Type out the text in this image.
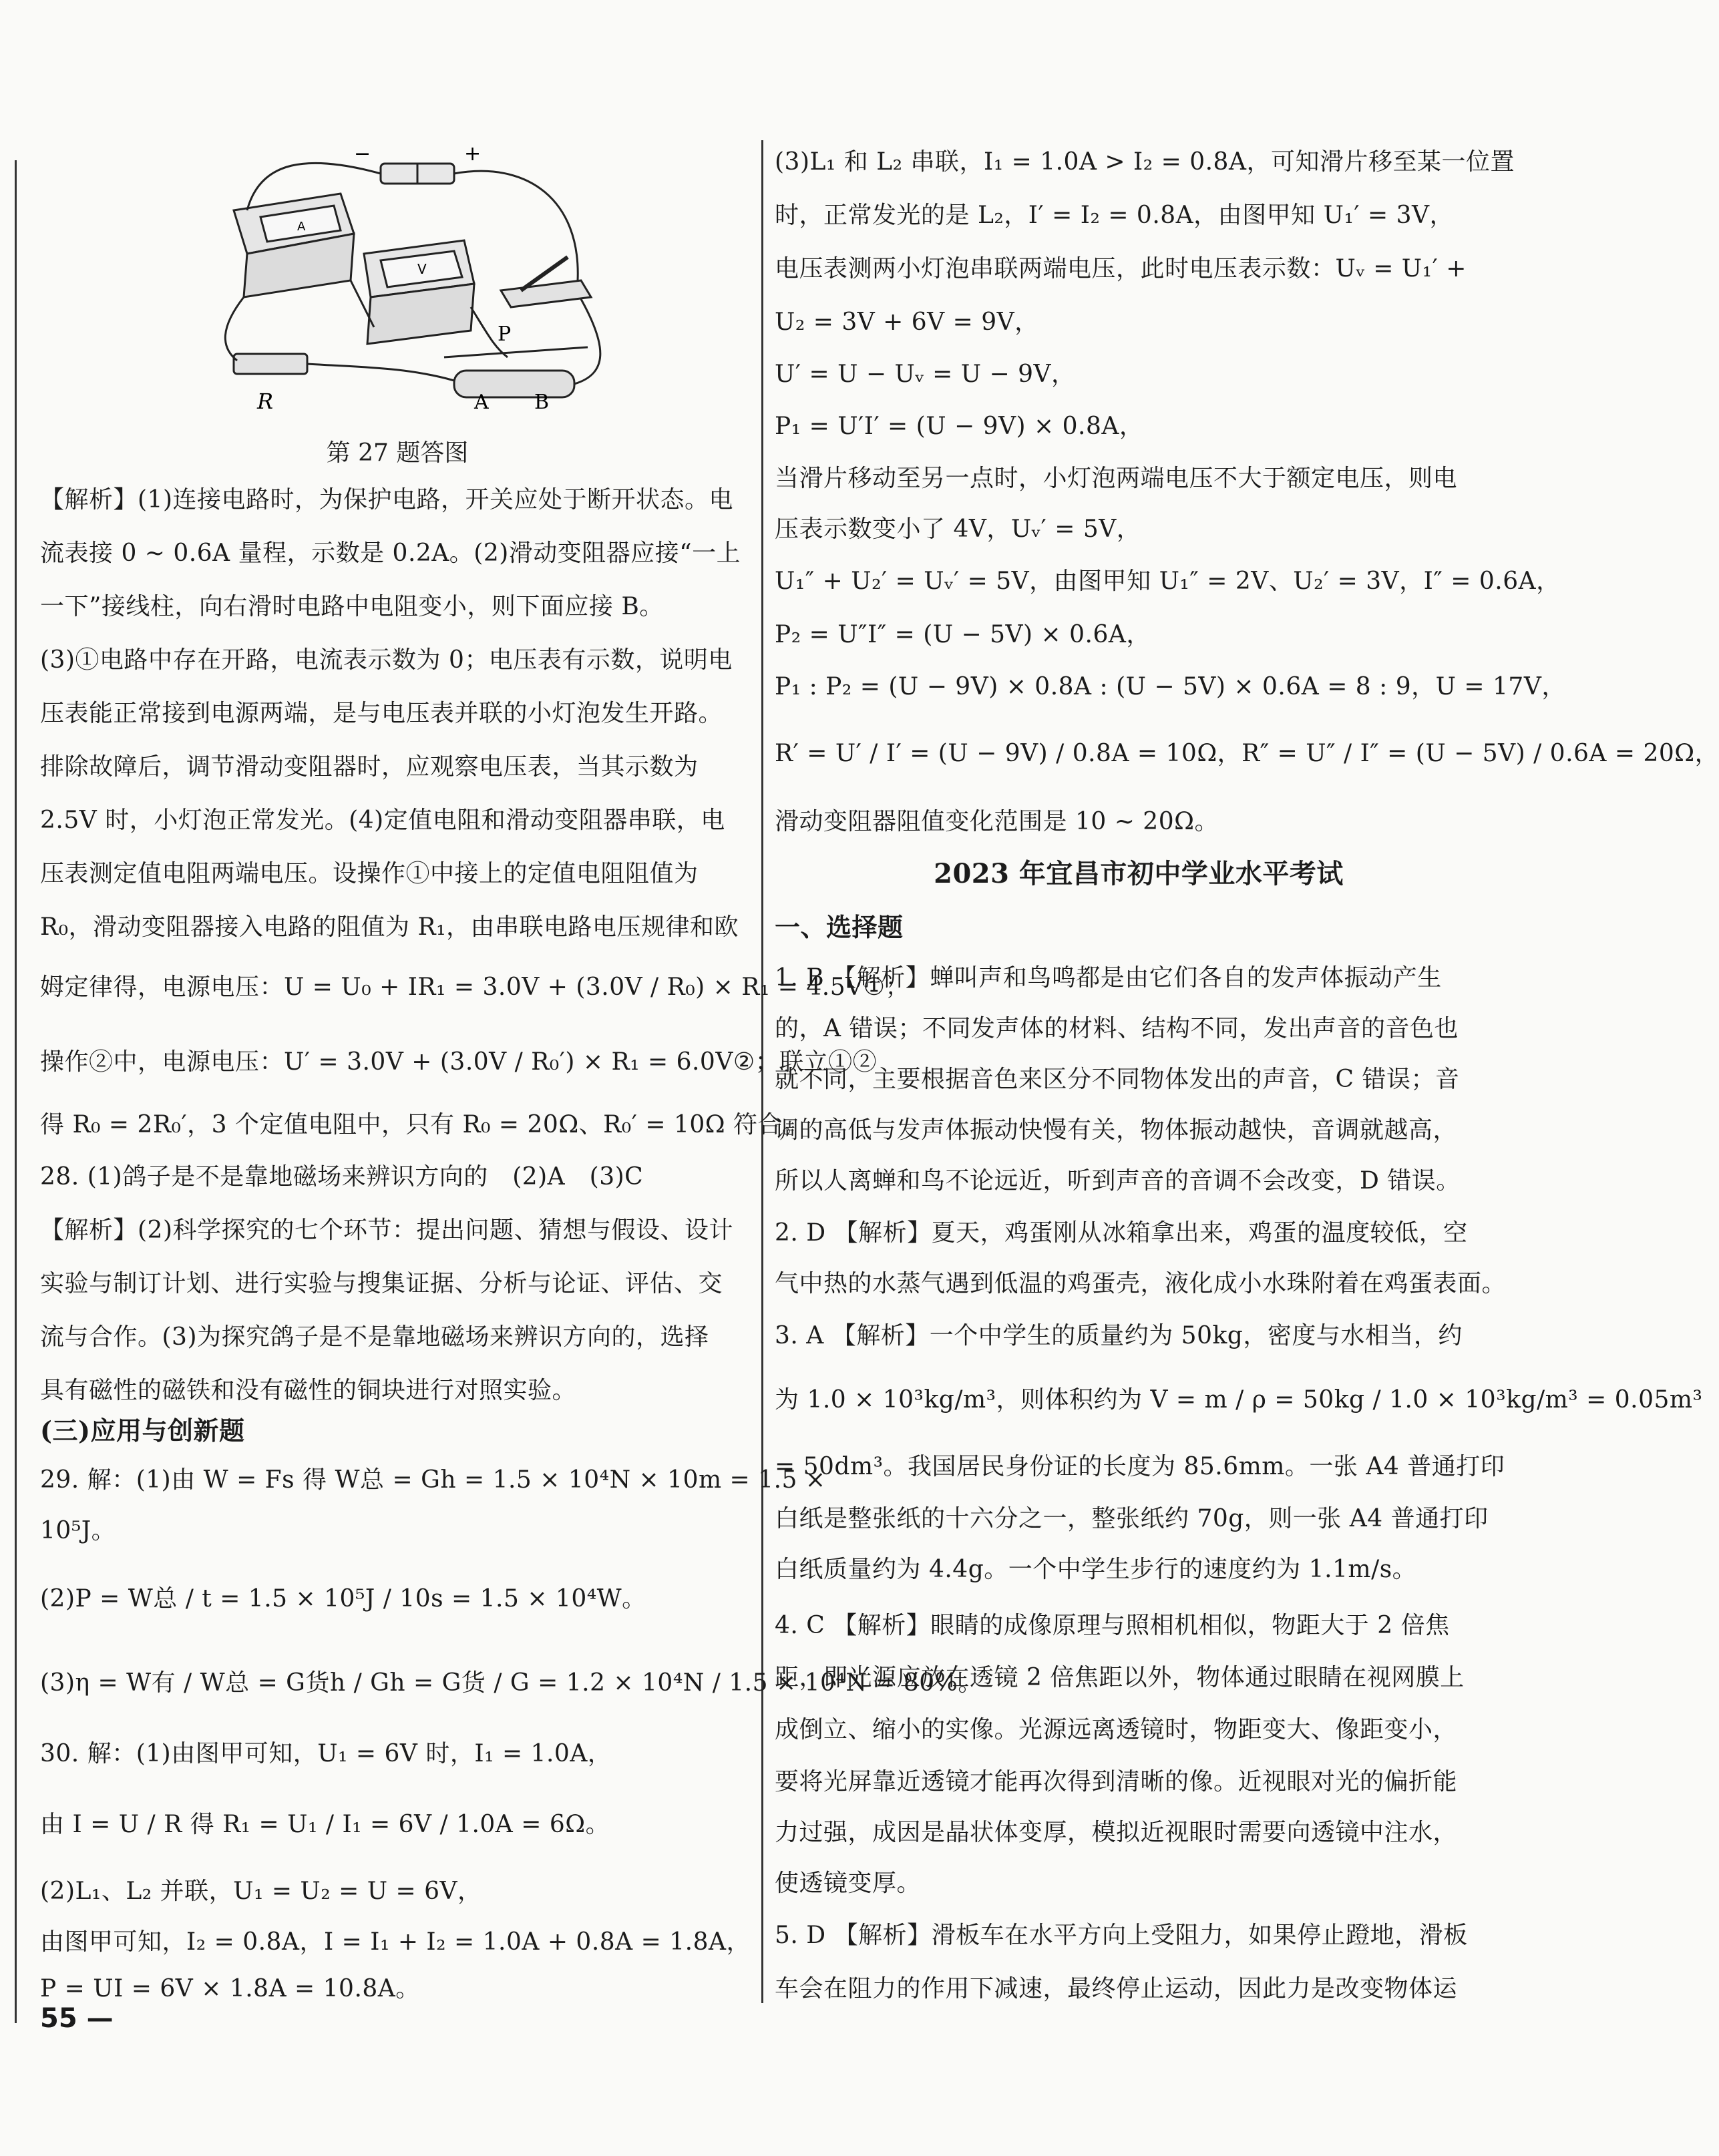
−	+
A
V
P
R	A B
第 27 题答图
【解析】(1)连接电路时，为保护电路，开关应处于断开状态。电
流表接 0 ~ 0.6A 量程，示数是 0.2A。(2)滑动变阻器应接“一上
一下”接线柱，向右滑时电路中电阻变小，则下面应接 B。
(3)①电路中存在开路，电流表示数为 0；电压表有示数，说明电
压表能正常接到电源两端，是与电压表并联的小灯泡发生开路。
排除故障后，调节滑动变阻器时，应观察电压表，当其示数为
2.5V 时，小灯泡正常发光。(4)定值电阻和滑动变阻器串联，电
压表测定值电阻两端电压。设操作①中接上的定值电阻阻值为
R₀，滑动变阻器接入电路的阻值为 R₁，由串联电路电压规律和欧
姆定律得，电源电压：U = U₀ + IR₁ = 3.0V + (3.0V / R₀) × R₁ = 4.5V①；
操作②中，电源电压：U′ = 3.0V + (3.0V / R₀′) × R₁ = 6.0V②；联立①②
得 R₀ = 2R₀′，3 个定值电阻中，只有 R₀ = 20Ω、R₀′ = 10Ω 符合。
28. (1)鸽子是不是靠地磁场来辨识方向的　(2)A　(3)C
【解析】(2)科学探究的七个环节：提出问题、猜想与假设、设计
实验与制订计划、进行实验与搜集证据、分析与论证、评估、交
流与合作。(3)为探究鸽子是不是靠地磁场来辨识方向的，选择
具有磁性的磁铁和没有磁性的铜块进行对照实验。
(三)应用与创新题
29. 解：(1)由 W = Fs 得 W总 = Gh = 1.5 × 10⁴N × 10m = 1.5 ×
10⁵J。
(2)P = W总 / t = 1.5 × 10⁵J / 10s = 1.5 × 10⁴W。
(3)η = W有 / W总 = G货h / Gh = G货 / G = 1.2 × 10⁴N / 1.5 × 10⁴N = 80%。
30. 解：(1)由图甲可知，U₁ = 6V 时，I₁ = 1.0A，
由 I = U / R 得 R₁ = U₁ / I₁ = 6V / 1.0A = 6Ω。
(2)L₁、L₂ 并联，U₁ = U₂ = U = 6V，
由图甲可知，I₂ = 0.8A，I = I₁ + I₂ = 1.0A + 0.8A = 1.8A，
P = UI = 6V × 1.8A = 10.8A。
(3)L₁ 和 L₂ 串联，I₁ = 1.0A > I₂ = 0.8A，可知滑片移至某一位置
时，正常发光的是 L₂，I′ = I₂ = 0.8A，由图甲知 U₁′ = 3V，
电压表测两小灯泡串联两端电压，此时电压表示数：Uᵥ = U₁′ +
U₂ = 3V + 6V = 9V，
U′ = U − Uᵥ = U − 9V，
P₁ = U′I′ = (U − 9V) × 0.8A，
当滑片移动至另一点时，小灯泡两端电压不大于额定电压，则电
压表示数变小了 4V，Uᵥ′ = 5V，
U₁″ + U₂′ = Uᵥ′ = 5V，由图甲知 U₁″ = 2V、U₂′ = 3V，I″ = 0.6A，
P₂ = U″I″ = (U − 5V) × 0.6A，
P₁ : P₂ = (U − 9V) × 0.8A : (U − 5V) × 0.6A = 8 : 9，U = 17V，
R′ = U′ / I′ = (U − 9V) / 0.8A = 10Ω，R″ = U″ / I″ = (U − 5V) / 0.6A = 20Ω，
滑动变阻器阻值变化范围是 10 ~ 20Ω。
2023 年宜昌市初中学业水平考试
一、选择题
1. B 【解析】蝉叫声和鸟鸣都是由它们各自的发声体振动产生
的，A 错误；不同发声体的材料、结构不同，发出声音的音色也
就不同，主要根据音色来区分不同物体发出的声音，C 错误；音
调的高低与发声体振动快慢有关，物体振动越快，音调就越高，
所以人离蝉和鸟不论远近，听到声音的音调不会改变，D 错误。
2. D 【解析】夏天，鸡蛋刚从冰箱拿出来，鸡蛋的温度较低，空
气中热的水蒸气遇到低温的鸡蛋壳，液化成小水珠附着在鸡蛋表面。
3. A 【解析】一个中学生的质量约为 50kg，密度与水相当，约
为 1.0 × 10³kg/m³，则体积约为 V = m / ρ = 50kg / 1.0 × 10³kg/m³ = 0.05m³
= 50dm³。我国居民身份证的长度为 85.6mm。一张 A4 普通打印
白纸是整张纸的十六分之一，整张纸约 70g，则一张 A4 普通打印
白纸质量约为 4.4g。一个中学生步行的速度约为 1.1m/s。
4. C 【解析】眼睛的成像原理与照相机相似，物距大于 2 倍焦
距，即光源应放在透镜 2 倍焦距以外，物体通过眼睛在视网膜上
成倒立、缩小的实像。光源远离透镜时，物距变大、像距变小，
要将光屏靠近透镜才能再次得到清晰的像。近视眼对光的偏折能
力过强，成因是晶状体变厚，模拟近视眼时需要向透镜中注水，
使透镜变厚。
5. D 【解析】滑板车在水平方向上受阻力，如果停止蹬地，滑板
车会在阻力的作用下减速，最终停止运动，因此力是改变物体运
55 —
